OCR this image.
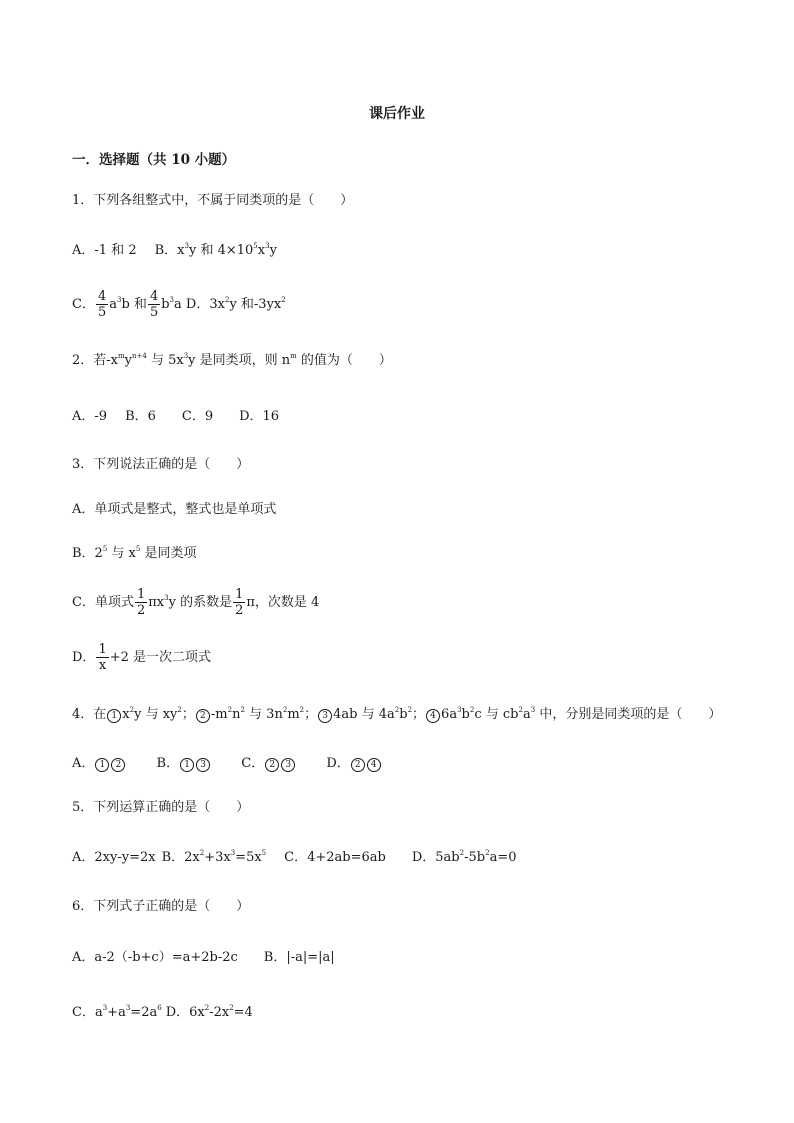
课后作业
一．选择题（共 10 小题）
1．下列各组整式中，不属于同类项的是（　　）
A．-1 和 2 B．$x^3y$ 和 $4\times 10^5x^3y$
C． $\frac{4}{5} a^3b$ 和 $\frac{4}{5} b^3a$ D．$3x^2y$ 和$-3yx^2$
2．若$-x^my^{n+4}$ 与 $5x^3y$ 是同类项，则 $n^m$ 的值为（　　）
A．-9 B．6 C．9 D．16
3．下列说法正确的是（　　）
A．单项式是整式，整式也是单项式
B．$2^5$ 与 $x^5$ 是同类项
C．单项式 $\frac{1}{2} \pi x^3y$ 的系数是 $\frac{1}{2}$ π，次数是 4
D． $\frac{1}{x} +2$ 是一次二项式
4．在 1 $x^2y$ 与 $xy^2$； 2 $-m^2n^2$ 与 $3n^2m^2$； 3 4ab 与 $4a^2b^2$； 4 $6a^3b^2c$ 与 $cb^2a^3$ 中，分别是同类项的是（　　）
A． 1 2	B． 1 3	C． 2 3	D． 2 4
5．下列运算正确的是（　　）
A．2xy-y=2x B．$2x^2+3x^3=5x^5$ C．4+2ab=6ab D．$5ab^2-5b^2a=0$
6．下列式子正确的是（　　）
A．a-2（-b+c）=a+2b-2c B．|-a|=|a|
C．$a^3+a^3=2a^6$ D．$6x^2-2x^2=4$
